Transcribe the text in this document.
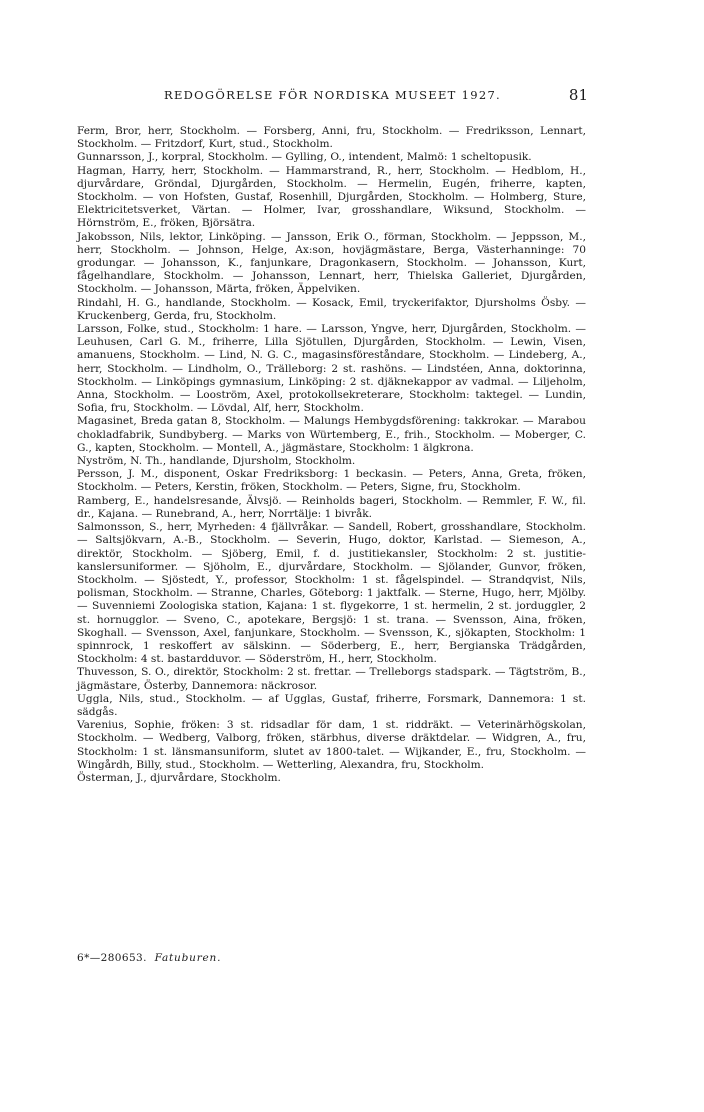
REDOGÖRELSE FÖR NORDISKA MUSEET 1927.	81

Ferm, Bror, herr, Stockholm. — Forsberg, Anni, fru, Stockholm. — Fredriksson, Lennart, Stockholm. — Fritzdorf, Kurt, stud., Stockholm.

Gunnarsson, J., korpral, Stockholm. — Gylling, O., intendent, Malmö: 1 scheltopusik.

Hagman, Harry, herr, Stockholm. — Hammarstrand, R., herr, Stockholm. — Hedblom, H., djurvårdare, Gröndal, Djurgården, Stockholm. — Hermelin, Eugén, friherre, kapten, Stockholm. — von Hofsten, Gustaf, Rosenhill, Djurgården, Stockholm. — Holmberg, Sture, Elektricitetsverket, Värtan. — Holmer, Ivar, grosshandlare, Wiksund, Stockholm. — Hörnström, E., fröken, Björsätra.

Jakobsson, Nils, lektor, Linköping. — Jansson, Erik O., förman, Stockholm. — Jeppsson, M., herr, Stockholm. — Johnson, Helge, Ax:son, hovjägmästare, Berga, Västerhanninge: 70 grodungar. — Johansson, K., fanjunkare, Dragonkasern, Stockholm. — Johansson, Kurt, fågelhandlare, Stockholm. — Johansson, Lennart, herr, Thielska Galleriet, Djurgården, Stockholm. — Johansson, Märta, fröken, Äppelviken.

Rindahl, H. G., handlande, Stockholm. — Kosack, Emil, tryckerifaktor, Djursholms Ösby. — Kruckenberg, Gerda, fru, Stockholm.

Larsson, Folke, stud., Stockholm: 1 hare. — Larsson, Yngve, herr, Djurgården, Stockholm. — Leuhusen, Carl G. M., friherre, Lilla Sjötullen, Djurgården, Stockholm. — Lewin, Visen, amanuens, Stockholm. — Lind, N. G. C., magasinsföreståndare, Stockholm. — Lindeberg, A., herr, Stockholm. — Lindholm, O., Trälleborg: 2 st. rashöns. — Lindstéen, Anna, doktorinna, Stockholm. — Linköpings gymnasium, Linköping: 2 st. djäknekappor av vadmal. — Liljeholm, Anna, Stockholm. — Looström, Axel, protokollsekreterare, Stockholm: taktegel. — Lundin, Sofia, fru, Stockholm. — Lövdal, Alf, herr, Stockholm.

Magasinet, Breda gatan 8, Stockholm. — Malungs Hembygdsförening: takkrokar. — Marabou chokladfabrik, Sundbyberg. — Marks von Würtemberg, E., frih., Stockholm. — Moberger, C. G., kapten, Stockholm. — Montell, A., jägmästare, Stockholm: 1 älgkrona.

Nyström, N. Th., handlande, Djursholm, Stockholm.

Persson, J. M., disponent, Oskar Fredriksborg: 1 beckasin. — Peters, Anna, Greta, fröken, Stockholm. — Peters, Kerstin, fröken, Stockholm. — Peters, Signe, fru, Stockholm.

Ramberg, E., handelsresande, Älvsjö. — Reinholds bageri, Stockholm. — Remmler, F. W., fil. dr., Kajana. — Runebrand, A., herr, Norrtälje: 1 bivråk.

Salmonsson, S., herr, Myrheden: 4 fjällvråkar. — Sandell, Robert, grosshandlare, Stockholm. — Saltsjökvarn, A.-B., Stockholm. — Severin, Hugo, doktor, Karlstad. — Siemeson, A., direktör, Stockholm. — Sjöberg, Emil, f. d. justitiekansler, Stockholm: 2 st. justitie-kanslersuniformer. — Sjöholm, E., djurvårdare, Stockholm. — Sjölander, Gunvor, fröken, Stockholm. — Sjöstedt, Y., professor, Stockholm: 1 st. fågelspindel. — Strandqvist, Nils, polisman, Stockholm. — Stranne, Charles, Göteborg: 1 jaktfalk. — Sterne, Hugo, herr, Mjölby. — Suvenniemi Zoologiska station, Kajana: 1 st. flygekorre, 1 st. hermelin, 2 st. jorduggler, 2 st. hornugglor. — Sveno, C., apotekare, Bergsjö: 1 st. trana. — Svensson, Aina, fröken, Skoghall. — Svensson, Axel, fanjunkare, Stockholm. — Svensson, K., sjökapten, Stockholm: 1 spinnrock, 1 reskoffert av sälskinn. — Söderberg, E., herr, Bergianska Trädgården, Stockholm: 4 st. bastardduvor. — Söderström, H., herr, Stockholm.

Thuvesson, S. O., direktör, Stockholm: 2 st. frettar. — Trelleborgs stadspark. — Tägtström, B., jägmästare, Österby, Dannemora: näckrosor.

Uggla, Nils, stud., Stockholm. — af Ugglas, Gustaf, friherre, Forsmark, Dannemora: 1 st. sädgås.

Varenius, Sophie, fröken: 3 st. ridsadlar för dam, 1 st. riddräkt. — Veterinärhögskolan, Stockholm. — Wedberg, Valborg, fröken, stärbhus, diverse dräktdelar. — Widgren, A., fru, Stockholm: 1 st. länsmansuniform, slutet av 1800-talet. — Wijkander, E., fru, Stockholm. — Wingårdh, Billy, stud., Stockholm. — Wetterling, Alexandra, fru, Stockholm.

Österman, J., djurvårdare, Stockholm.

6*—280653. Fatuburen.
